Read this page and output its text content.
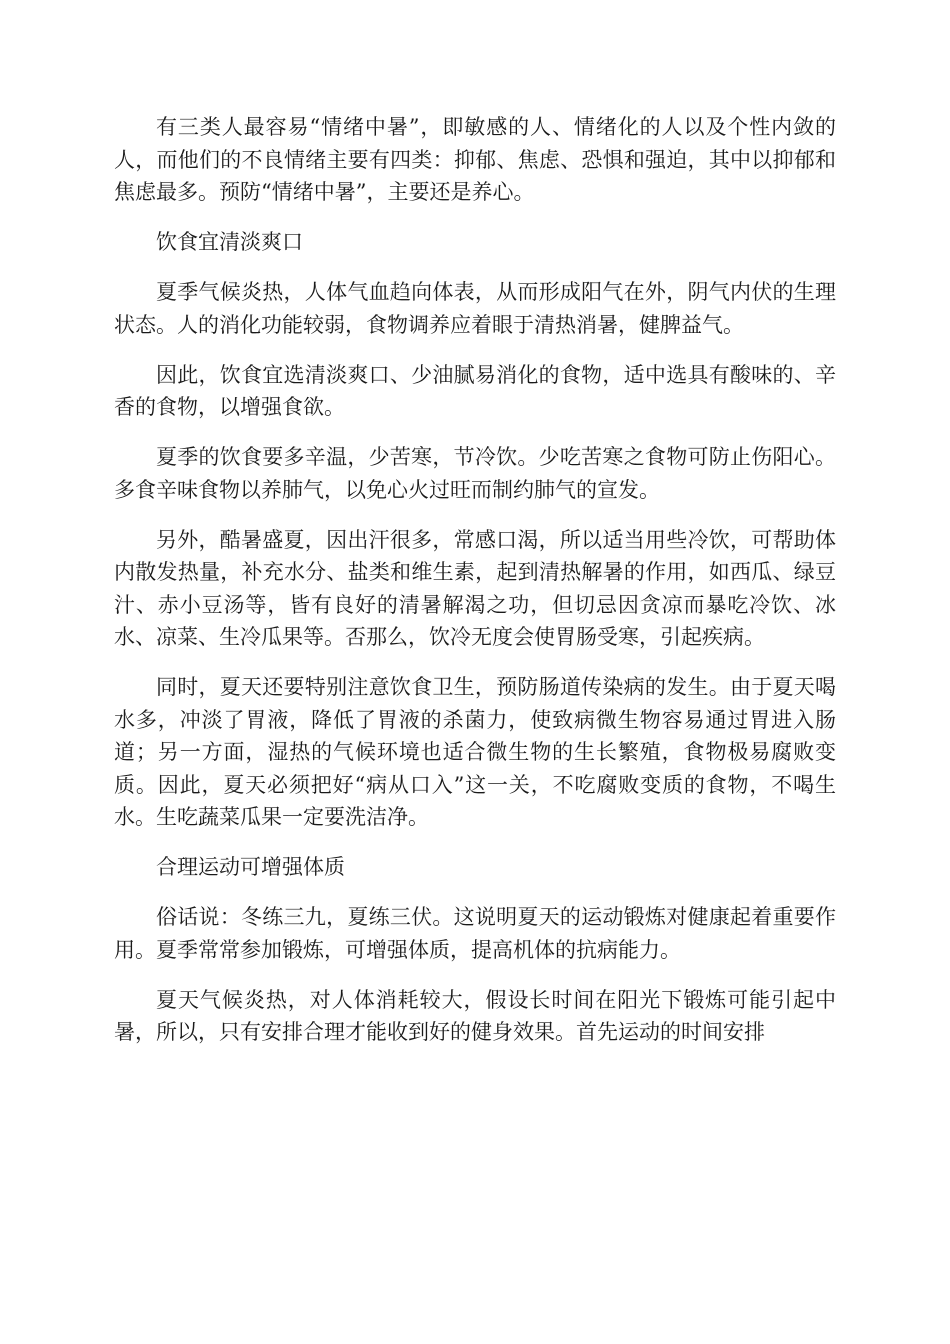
有三类人最容易“情绪中暑”，即敏感的人、情绪化的人以及个性内敛的人，而他们的不良情绪主要有四类：抑郁、焦虑、恐惧和强迫，其中以抑郁和焦虑最多。预防“情绪中暑”，主要还是养心。

饮食宜清淡爽口

夏季气候炎热，人体气血趋向体表，从而形成阳气在外，阴气内伏的生理状态。人的消化功能较弱，食物调养应着眼于清热消暑，健脾益气。

因此，饮食宜选清淡爽口、少油腻易消化的食物，适中选具有酸味的、辛香的食物，以增强食欲。

夏季的饮食要多辛温，少苦寒，节冷饮。少吃苦寒之食物可防止伤阳心。多食辛味食物以养肺气，以免心火过旺而制约肺气的宣发。

另外，酷暑盛夏，因出汗很多，常感口渴，所以适当用些冷饮，可帮助体内散发热量，补充水分、盐类和维生素，起到清热解暑的作用，如西瓜、绿豆汁、赤小豆汤等，皆有良好的清暑解渴之功，但切忌因贪凉而暴吃冷饮、冰水、凉菜、生冷瓜果等。否那么，饮冷无度会使胃肠受寒，引起疾病。

同时，夏天还要特别注意饮食卫生，预防肠道传染病的发生。由于夏天喝水多，冲淡了胃液，降低了胃液的杀菌力，使致病微生物容易通过胃进入肠道；另一方面，湿热的气候环境也适合微生物的生长繁殖，食物极易腐败变质。因此，夏天必须把好“病从口入”这一关，不吃腐败变质的食物，不喝生水。生吃蔬菜瓜果一定要洗洁净。

合理运动可增强体质

俗话说：冬练三九，夏练三伏。这说明夏天的运动锻炼对健康起着重要作用。夏季常常参加锻炼，可增强体质，提高机体的抗病能力。

夏天气候炎热，对人体消耗较大，假设长时间在阳光下锻炼可能引起中暑，所以，只有安排合理才能收到好的健身效果。首先运动的时间安排
